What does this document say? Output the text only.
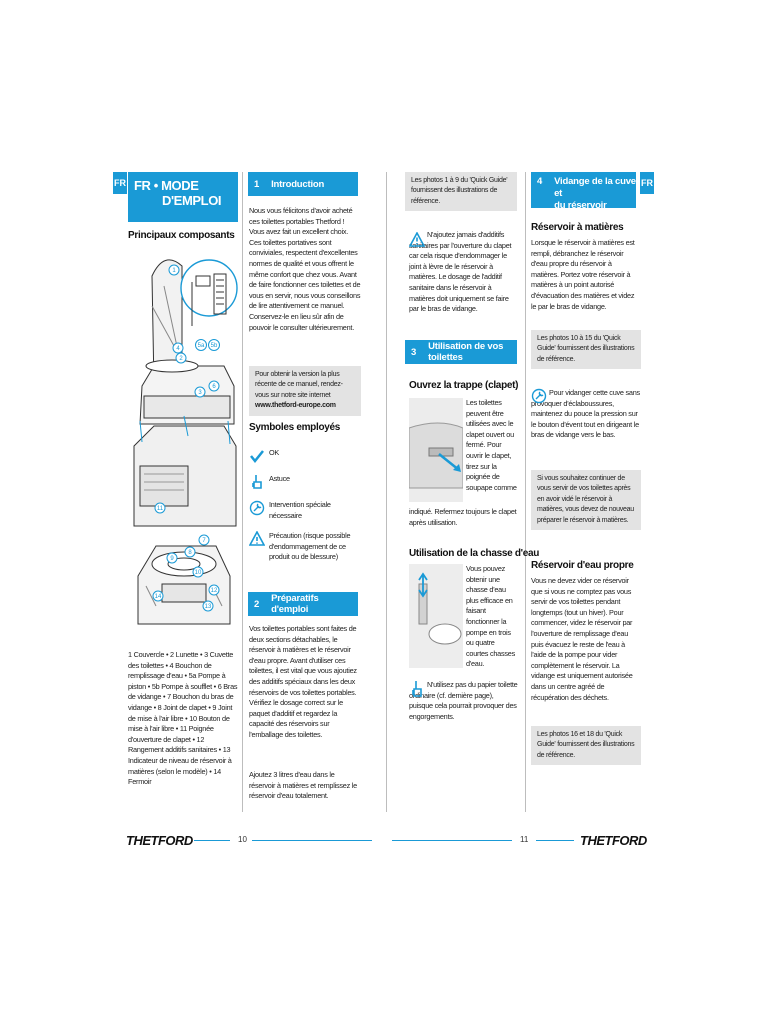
FR	FR
FR • MODE
D'EMPLOI
Principaux composants
1
2
3
4	5a 5b
6
7
8
9
10
11
12
13
14
1 Couvercle • 2 Lunette • 3 Cuvette des toilettes • 4 Bouchon de remplissage d'eau • 5a Pompe à piston • 5b Pompe à soufflet • 6 Bras de vidange • 7 Bouchon du bras de vidange • 8 Joint de clapet • 9 Joint de mise à l'air libre • 10 Bouton de mise à l'air libre • 11 Poignée d'ouverture de clapet • 12 Rangement additifs sanitaires • 13 Indicateur de niveau de réservoir à matières (selon le modèle) • 14 Fermoir
1 Introduction
Nous vous félicitons d'avoir acheté ces toilettes portables Thetford ! Vous avez fait un excellent choix. Ces toilettes portatives sont conviviales, respectent d'excellentes normes de qualité et vous offrent le même confort que chez vous. Avant de faire fonctionner ces toilettes et de vous en servir, nous vous conseillons de lire attentivement ce manuel. Conservez-le en lieu sûr afin de pouvoir le consulter ultérieurement.
Pour obtenir la version la plus récente de ce manuel, rendez-vous sur notre site internet www.thetford-europe.com
Symboles employés
OK
Astuce
Intervention spéciale nécessaire
Précaution (risque possible d'endommagement de ce produit ou de blessure)
2 Préparatifs d'emploi
Vos toilettes portables sont faites de deux sections détachables, le réservoir à matières et le réservoir d'eau propre. Avant d'utiliser ces toilettes, il est vital que vous ajoutiez des additifs spéciaux dans les deux réservoirs de vos toilettes portables. Vérifiez le dosage correct sur le paquet d'additif et regardez la capacité des réservoirs sur l'emballage des toilettes.
Ajoutez 3 litres d'eau dans le réservoir à matières et remplissez le réservoir d'eau totalement.
Les photos 1 à 9 du 'Quick Guide' fournissent des illustrations de référence.
N'ajoutez jamais d'additifs sanitaires par l'ouverture du clapet car cela risque d'endommager le joint à lèvre de le réservoir à matières. Le dosage de l'additif sanitaire dans le réservoir à matières doit uniquement se faire par le bras de vidange.
3 Utilisation de vos toilettes
Ouvrez la trappe (clapet)
Les toilettes peuvent être utilisées avec le clapet ouvert ou fermé. Pour ouvrir le clapet, tirez sur la poignée de soupape comme
indiqué. Refermez toujours le clapet après utilisation.
Utilisation de la chasse d'eau
Vous pouvez obtenir une chasse d'eau plus efficace en faisant fonctionner la pompe en trois ou quatre courtes chasses d'eau.
N'utilisez pas du papier toilette ordinaire (cf. dernière page), puisque cela pourrait provoquer des engorgements.
4 Vidange de la cuve et
du réservoir
Réservoir à matières
Lorsque le réservoir à matières est rempli, débranchez le réservoir d'eau propre du réservoir à matières. Portez votre réservoir à matières à un point autorisé d'évacuation des matières et videz le par le bras de vidange.
Les photos 10 à 15 du 'Quick Guide' fournissent des illustrations de référence.
Pour vidanger cette cuve sans provoquer d'éclaboussures, maintenez du pouce la pression sur le bouton d'évent tout en dirigeant le bras de vidange vers le bas.
Si vous souhaitez continuer de vous servir de vos toilettes après en avoir vidé le réservoir à matières, vous devez de nouveau préparer le réservoir à matières.
Réservoir d'eau propre
Vous ne devez vider ce réservoir que si vous ne comptez pas vous servir de vos toilettes pendant longtemps (tout un hiver). Pour commencer, videz le réservoir par l'ouverture de remplissage d'eau puis évacuez le reste de l'eau à l'aide de la pompe pour vider complètement le réservoir. La vidange est uniquement autorisée dans un centre agréé de récupération des déchets.
Les photos 16 et 18 du 'Quick Guide' fournissent des illustrations de référence.
THETFORD	10	11	THETFORD
